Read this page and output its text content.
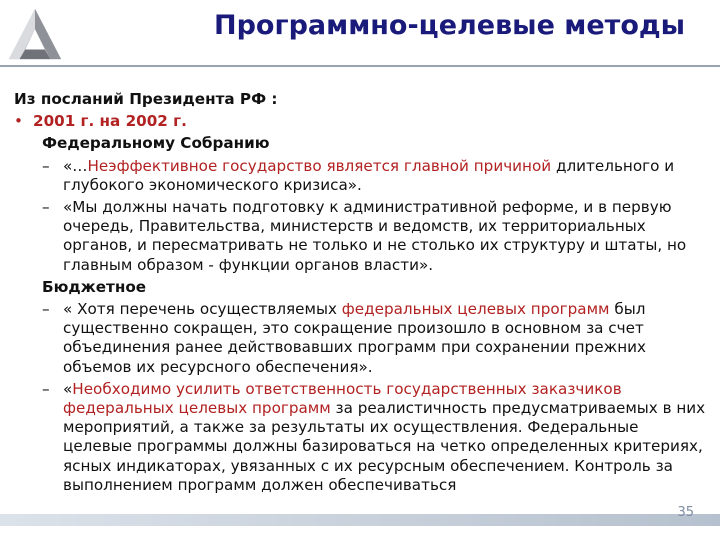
Программно-целевые методы
Из посланий Президента РФ :
• 2001 г. на 2002 г.
Федеральному Собранию
– «…Неэффективное государство является главной причиной длительного и глубокого экономического кризиса».
– «Мы должны начать подготовку к административной реформе, и в первую очередь, Правительства, министерств и ведомств, их территориальных органов, и пересматривать не только и не столько их структуру и штаты, но главным образом - функции органов власти».
Бюджетное
– « Хотя перечень осуществляемых федеральных целевых программ был существенно сокращен, это сокращение произошло в основном за счет объединения ранее действовавших программ при сохранении прежних объемов их ресурсного обеспечения».
– «Необходимо усилить ответственность государственных заказчиков федеральных целевых программ за реалистичность предусматриваемых в них мероприятий, а также за результаты их осуществления. Федеральные целевые программы должны базироваться на четко определенных критериях, ясных индикаторах, увязанных с их ресурсным обеспечением. Контроль за выполнением программ должен обеспечиваться
35
